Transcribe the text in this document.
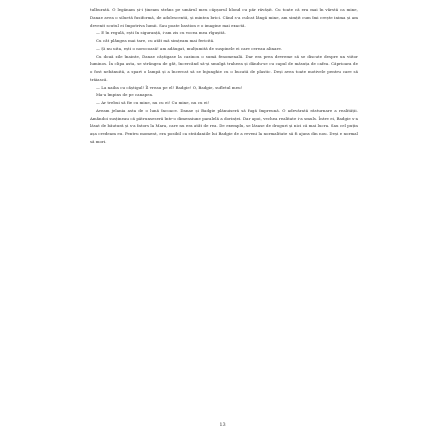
tulburată. O legănam și-i țineam strâns pe umărul meu căpșorul blond cu păr răvășit. Cu toate că era mai în vârstă ca mine, Danae avea o siluetă fusiformă, de adolescentă, și mintea brici. Când s-a culcat lângă mine, am simțit cum îmi crește inima și am devenit scutul ei împotriva lumii. Sau poate bastion e o imagine mai exactă.

— E în regulă, ești în siguranță, i-am zis cu vocea mea rîgușită.

Cu cât plângea mai tare, cu atât mă simțeam mai fericită.

— Și nu uita, ești o norocoasă! am adăugat, mulțumită de suspinele ei care cereau alinare.

Cu două zile înainte, Danae câștigase la cazinou o sumă fenomenală. Dar era prea devreme să se discute despre un viitor luminos. În clipa asta, se strângea de gât, încercând să-și smulgă traheea și dându-se cu capul de măsuța de cafea. Căprioara de o fost nebănuită, a spart o lampă și a încercat să se înjunghie cu o bucată de plastic. Deși avea toate motivele pentru care să trăiască.

— La naiba cu câștigul! Îl vreau pe el! Badgie! O, Badgie, sufletul meu!

Ma-a împins de pe canapea.

— Ar trebui să fie cu mine, nu cu ei! Cu mine, nu cu ei!

Aveam jelania asta de o lună încoace. Danae și Badgie plănuiseră să fugă împreună. O adevărată răsturnare a realității. Amândoi susțineau că pătrunseseră într-o dimensiune paralelă a dorinței. Dar apoi, vechea realitate i-a smuls. Între ei, Badgie s-a lăsat de băutură și s-a întors la Mara, care nu era atât de rea. De exemplu, se lăsase de droguri și nici că mai lucra. Sau cel puțin așa credeam eu. Pentru moment, era posibil ca strădaniile lui Badgie de a reveni la normalitate să fi ajuns din nou. Deși e normal să mori.

13
